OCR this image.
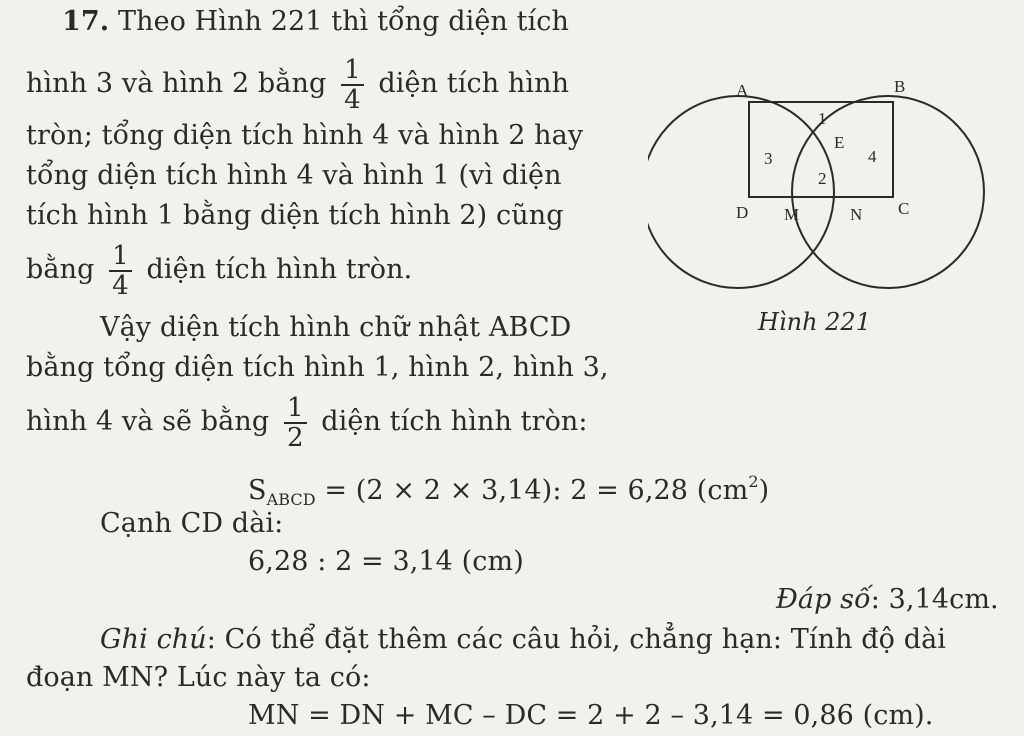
17. Theo Hình 221 thì tổng diện tích
hình 3 và hình 2 bằng $\frac{1}{4}$ diện tích hình
tròn; tổng diện tích hình 4 và hình 2 hay
tổng diện tích hình 4 và hình 1 (vì diện
tích hình 1 bằng diện tích hình 2) cũng
bằng $\frac{1}{4}$ diện tích hình tròn.
Vậy diện tích hình chữ nhật ABCD
bằng tổng diện tích hình 1, hình 2, hình 3,
hình 4 và sẽ bằng $\frac{1}{2}$ diện tích hình tròn:
$S_{ABCD} = (2 \times 2 \times 3,14)$: 2 = 6,28 $(cm^2)$
Cạnh CD dài:
6,28 : 2 = 3,14 (cm)
Đáp số: 3,14cm.
Ghi chú: Có thể đặt thêm các câu hỏi, chẳng hạn: Tính độ dài
đoạn MN? Lúc này ta có:
MN = DN + MC – DC = 2 + 2 – 3,14 = 0,86 (cm).
A	B
C
D
E
M	N
1
2
3	4
Hình 221
